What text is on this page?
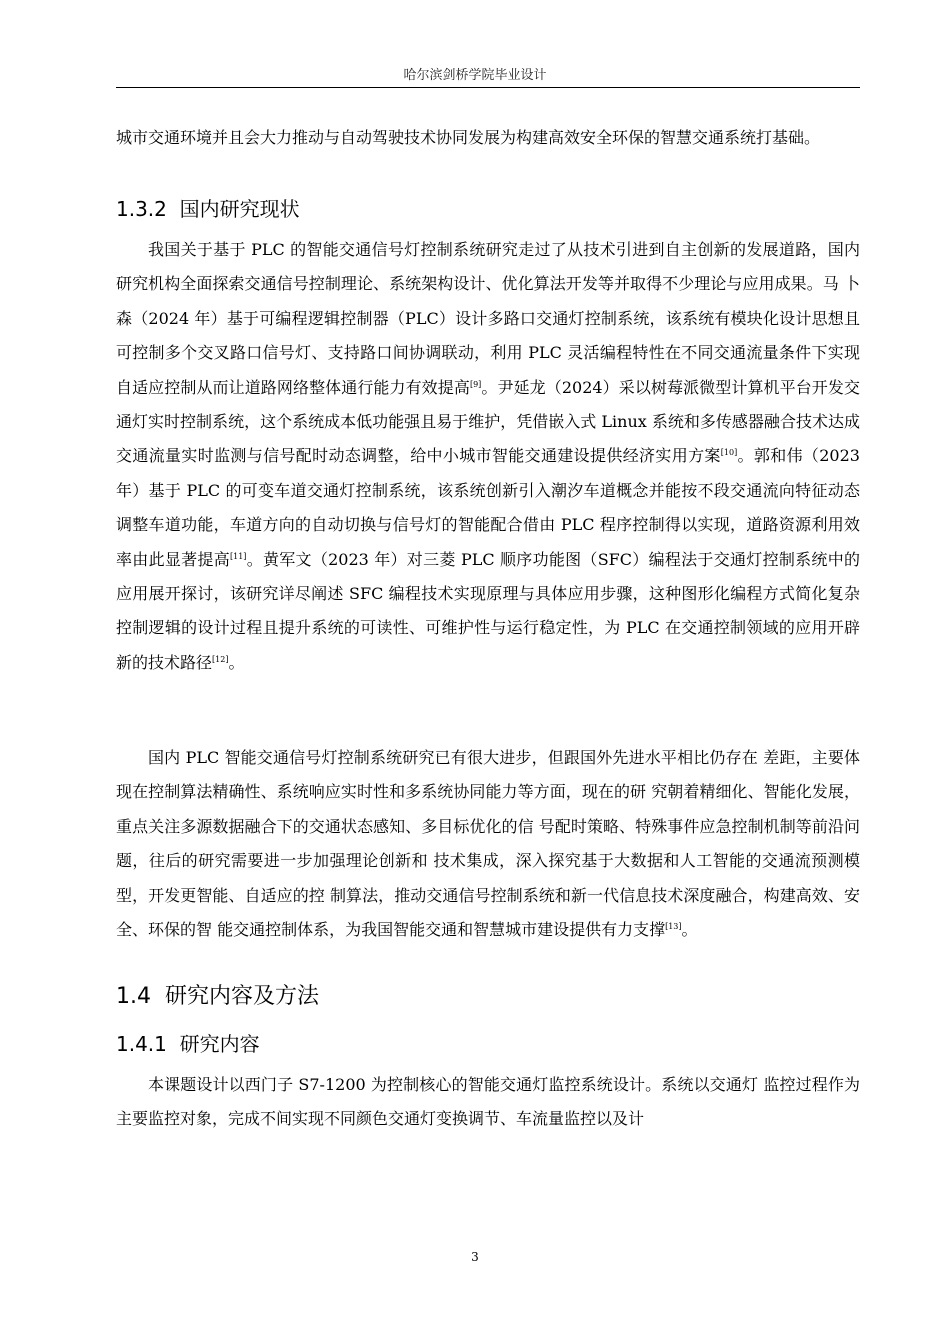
哈尔滨剑桥学院毕业设计
城市交通环境并且会大力推动与自动驾驶技术协同发展为构建高效安全环保的智慧交通系统打基础。
1.3.2 国内研究现状
我国关于基于 PLC 的智能交通信号灯控制系统研究走过了从技术引进到自主创新的发展道路，国内研究机构全面探索交通信号控制理论、系统架构设计、优化算法开发等并取得不少理论与应用成果。马 卜森（2024 年）基于可编程逻辑控制器（PLC）设计多路口交通灯控制系统，该系统有模块化设计思想且可控制多个交叉路口信号灯、支持路口间协调联动，利用 PLC 灵活编程特性在不同交通流量条件下实现自适应控制从而让道路网络整体通行能力有效提高[9]。尹延龙（2024）采以树莓派微型计算机平台开发交通灯实时控制系统，这个系统成本低功能强且易于维护，凭借嵌入式 Linux 系统和多传感器融合技术达成交通流量实时监测与信号配时动态调整，给中小城市智能交通建设提供经济实用方案[10]。郭和伟（2023 年）基于 PLC 的可变车道交通灯控制系统，该系统创新引入潮汐车道概念并能按不段交通流向特征动态调整车道功能，车道方向的自动切换与信号灯的智能配合借由 PLC 程序控制得以实现，道路资源利用效率由此显著提高[11]。黄军文（2023 年）对三菱 PLC 顺序功能图（SFC）编程法于交通灯控制系统中的应用展开探讨，该研究详尽阐述 SFC 编程技术实现原理与具体应用步骤，这种图形化编程方式简化复杂控制逻辑的设计过程且提升系统的可读性、可维护性与运行稳定性，为 PLC 在交通控制领域的应用开辟新的技术路径[12]。
国内 PLC 智能交通信号灯控制系统研究已有很大进步，但跟国外先进水平相比仍存在 差距，主要体现在控制算法精确性、系统响应实时性和多系统协同能力等方面，现在的研 究朝着精细化、智能化发展，重点关注多源数据融合下的交通状态感知、多目标优化的信 号配时策略、特殊事件应急控制机制等前沿问题，往后的研究需要进一步加强理论创新和 技术集成，深入探究基于大数据和人工智能的交通流预测模型，开发更智能、自适应的控 制算法，推动交通信号控制系统和新一代信息技术深度融合，构建高效、安全、环保的智 能交通控制体系，为我国智能交通和智慧城市建设提供有力支撑[13]。
1.4 研究内容及方法
1.4.1 研究内容
本课题设计以西门子 S7-1200 为控制核心的智能交通灯监控系统设计。系统以交通灯 监控过程作为主要监控对象，完成不间实现不同颜色交通灯变换调节、车流量监控以及计
3
